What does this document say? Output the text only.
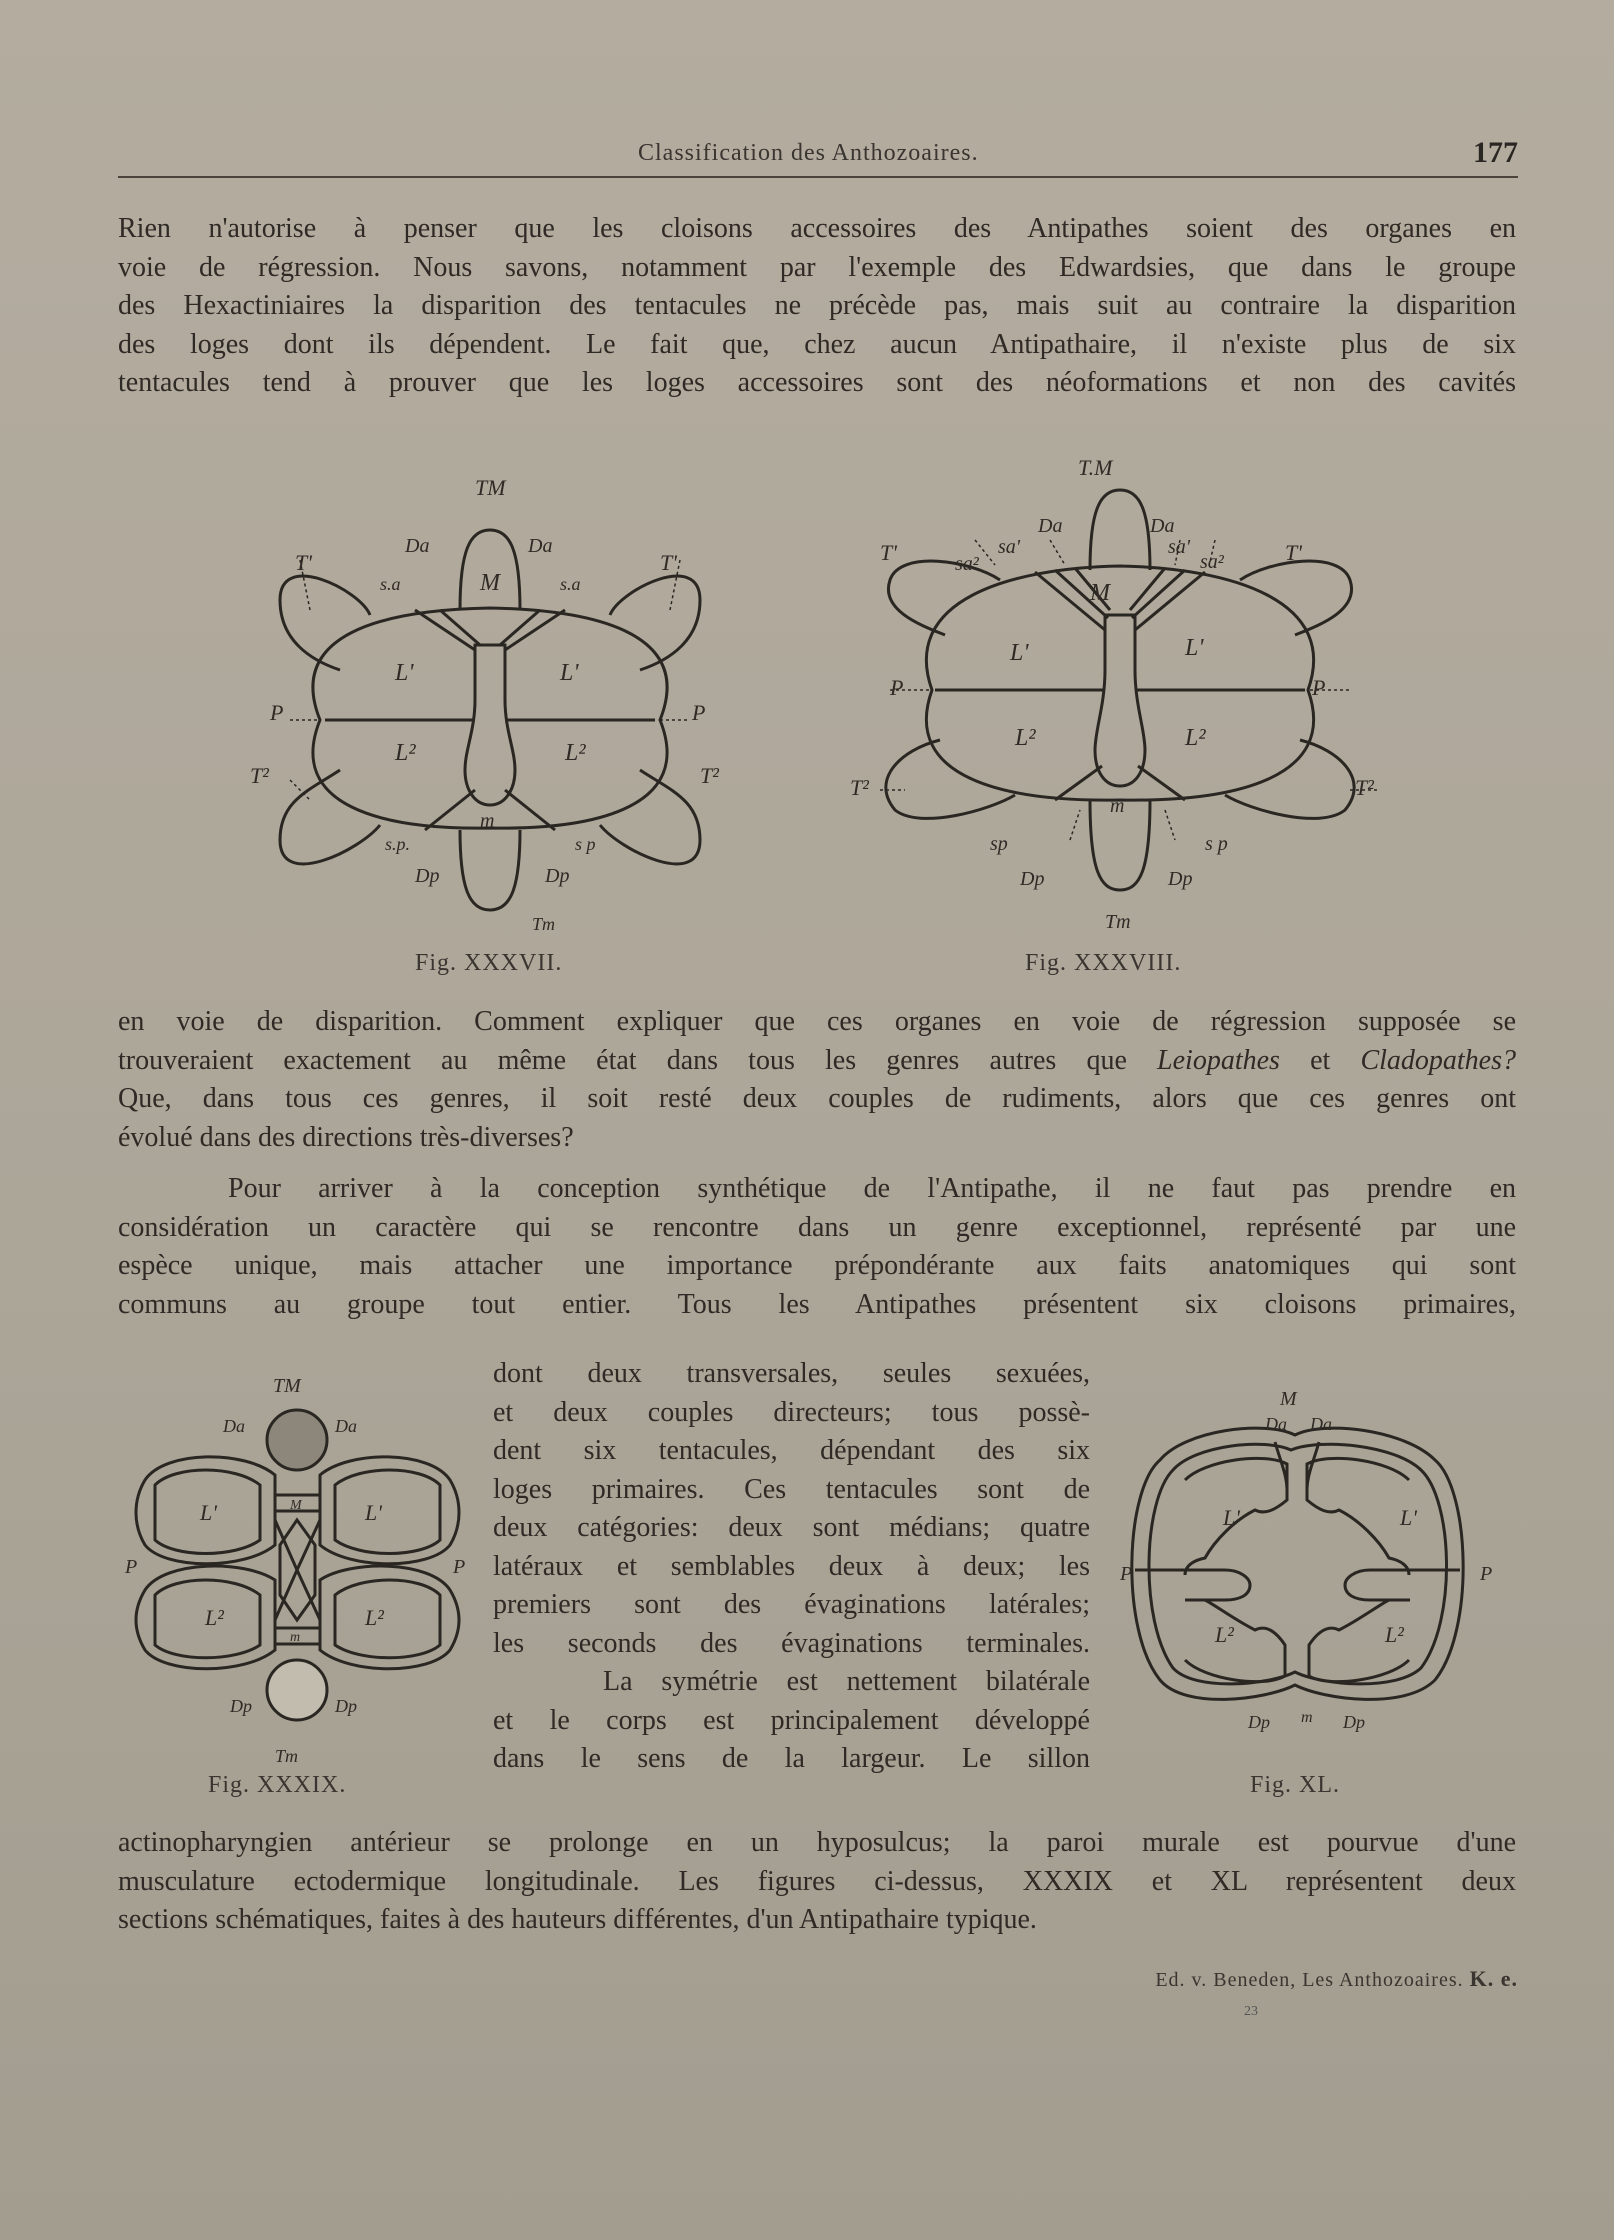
Classification des Anthozoaires.	177
Rien n'autorise à penser que les cloisons accessoires des Antipathes soient des organes en
voie de régression. Nous savons, notamment par l'exemple des Edwardsies, que dans le groupe
des Hexactiniaires la disparition des tentacules ne précède pas, mais suit au contraire la disparition
des loges dont ils dépendent. Le fait que, chez aucun Antipathaire, il n'existe plus de six
tentacules tend à prouver que les loges accessoires sont des néoformations et non des cavités
TM
Da	Da
M
s.a	s.a
T'	T'
L'	L'
P	P
L²	L²
T²	T²
m
s.p.	s p
Dp	Dp
Tm
Fig. XXXVII.
T.M
Da	Da
sa'
sa²
sa'
sa²
T'	T'
M
L'	L'
P	P
L²	L²
T²	T²
m
sp	s p
Dp	Dp
Tm
Fig. XXXVIII.
en voie de disparition. Comment expliquer que ces organes en voie de régression supposée se
trouveraient exactement au même état dans tous les genres autres que Leiopathes et Cladopathes?
Que, dans tous ces genres, il soit resté deux couples de rudiments, alors que ces genres ont
évolué dans des directions très-diverses?
Pour arriver à la conception synthétique de l'Antipathe, il ne faut pas prendre en
considération un caractère qui se rencontre dans un genre exceptionnel, représenté par une
espèce unique, mais attacher une importance prépondérante aux faits anatomiques qui sont
communs au groupe tout entier. Tous les Antipathes présentent six cloisons primaires,
TM
Da	Da
M
L'	L'
P	P
L²	L²
m
Dp	Dp
Tm
Fig. XXXIX.
dont deux transversales, seules sexuées,
et deux couples directeurs; tous possè-
dent six tentacules, dépendant des six
loges primaires. Ces tentacules sont de
deux catégories: deux sont médians; quatre
latéraux et semblables deux à deux; les
premiers sont des évaginations latérales;
les seconds des évaginations terminales.
La symétrie est nettement bilatérale
et le corps est principalement développé
dans le sens de la largeur. Le sillon
M
Da Da
L'	L'
P	P
L²	L²
Dp	Dp
m
Fig. XL.
actinopharyngien antérieur se prolonge en un hyposulcus; la paroi murale est pourvue d'une
musculature ectodermique longitudinale. Les figures ci-dessus, XXXIX et XL représentent deux
sections schématiques, faites à des hauteurs différentes, d'un Antipathaire typique.
Ed. v. Beneden, Les Anthozoaires. K. e.
23
